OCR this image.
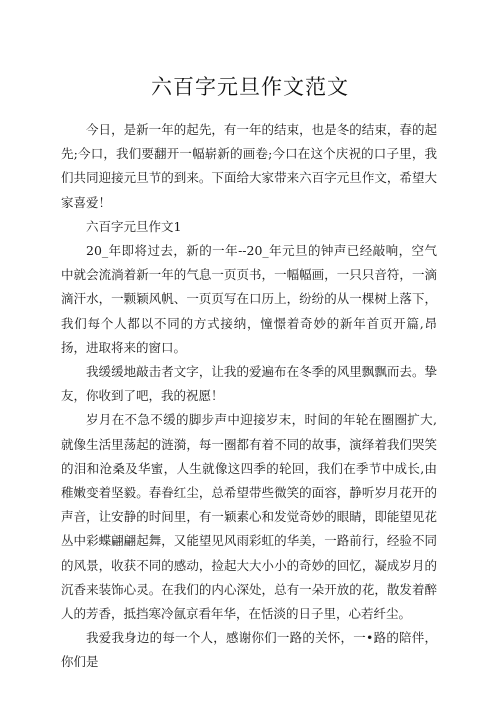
六百字元旦作文范文

今日，是新一年的起先，有一年的结束，也是冬的结束，春的起先;今口，我们要翻开一幅崭新的画卷;今口在这个庆祝的口子里，我们共同迎接元旦节的到来。下面给大家带来六百字元旦作文，希望大家喜爱！

六百字元旦作文1

20_年即将过去，新的一年--20_年元旦的钟声已经敲响，空气中就会流淌着新一年的气息一页页书，一幅幅画，一只只音符，一滴滴汗水，一颗颖风帆、一页页写在口历上，纷纷的从一棵树上落下，我们每个人都以不同的方式接纳，憧憬着奇妙的新年首页开篇,昂扬，进取将来的窗口。

我缓缓地敲击者文字，让我的爱遍布在冬季的风里飘飘而去。挚友，你收到了吧，我的祝愿！

岁月在不急不缓的脚步声中迎接岁末，时间的年轮在圈圈扩大,就像生活里荡起的涟漪，每一圈都有着不同的故事，演绎着我们哭笑的泪和沧桑及华蜜，人生就像这四季的轮回，我们在季节中成长,由稚嫩变着坚毅。春眷红尘，总希望带些微笑的面容，静听岁月花开的声音，让安静的时间里，有一颖素心和发觉奇妙的眼睛，即能望见花丛中彩蝶翩翩起舞，又能望见风雨彩虹的华美，一路前行，经验不同的风景，收获不同的感动，捡起大大小小的奇妙的回忆，凝成岁月的沉香来装饰心灵。在我们的内心深处，总有一朵开放的花，散发着醉人的芳香，抵挡寒冷氤京看年华，在恬淡的日子里，心若纤尘。

我爱我身边的每一个人，感谢你们一路的关怀，一•路的陪伴，你们是
